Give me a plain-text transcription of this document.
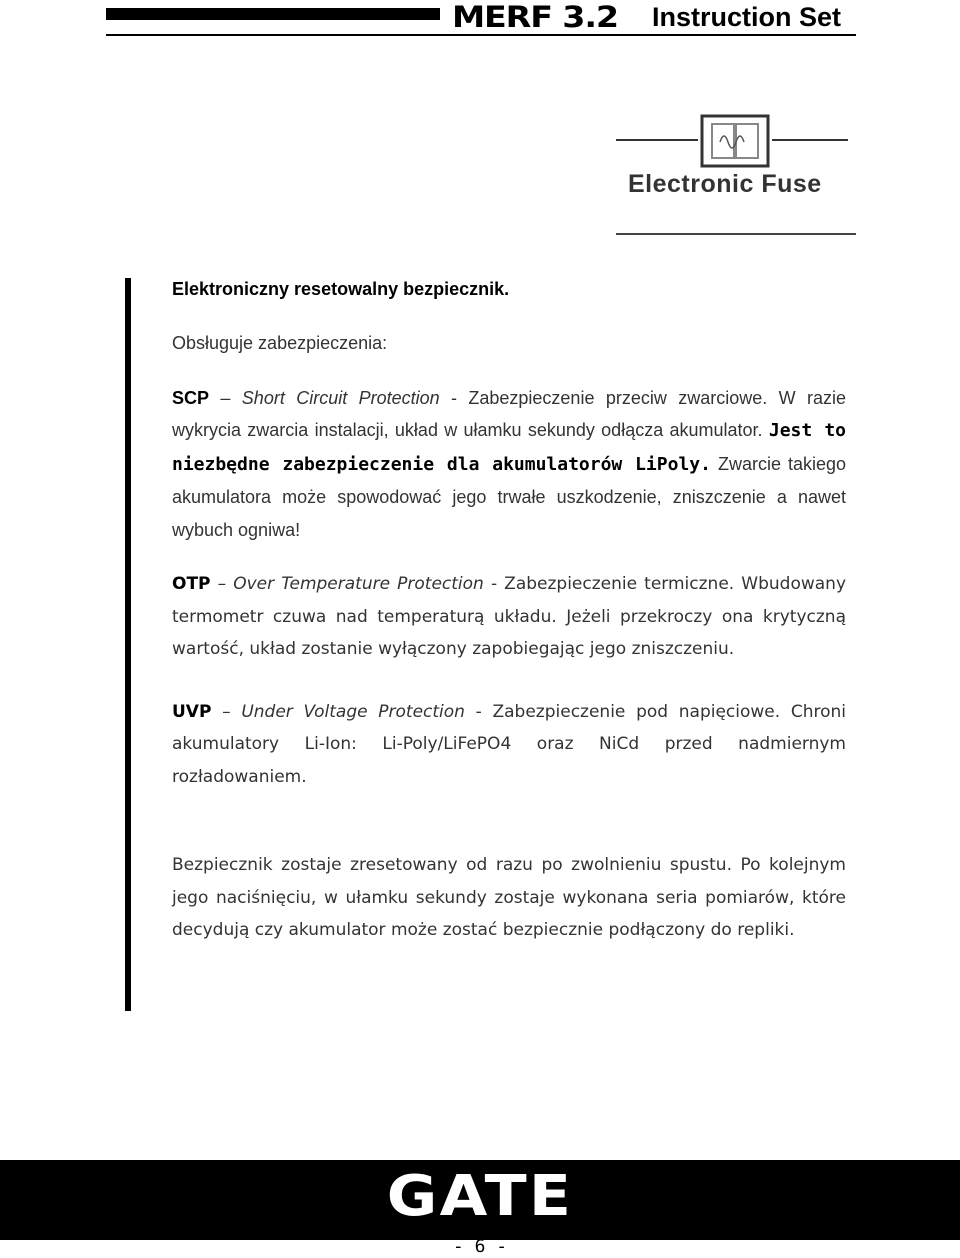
MERF 3.2 Instruction Set
Electronic Fuse

Elektroniczny resetowalny bezpiecznik.

Obsługuje zabezpieczenia:

SCP – Short Circuit Protection - Zabezpieczenie przeciw zwarciowe. W razie wykrycia zwarcia instalacji, układ w ułamku sekundy odłącza akumulator. Jest to niezbędne zabezpieczenie dla akumulatorów LiPoly. Zwarcie takiego akumulatora może spowodować jego trwałe uszkodzenie, zniszczenie a nawet wybuch ogniwa!

OTP – Over Temperature Protection - Zabezpieczenie termiczne. Wbudowany termometr czuwa nad temperaturą układu. Jeżeli przekroczy ona krytyczną wartość, układ zostanie wyłączony zapobiegając jego zniszczeniu.

UVP – Under Voltage Protection - Zabezpieczenie pod napięciowe. Chroni akumulatory Li-Ion: Li-Poly/LiFePO4 oraz NiCd przed nadmiernym rozładowaniem.

Bezpiecznik zostaje zresetowany od razu po zwolnieniu spustu. Po kolejnym jego naciśnięciu, w ułamku sekundy zostaje wykonana seria pomiarów, które decydują czy akumulator może zostać bezpiecznie podłączony do repliki.

GATE
- 6 -
